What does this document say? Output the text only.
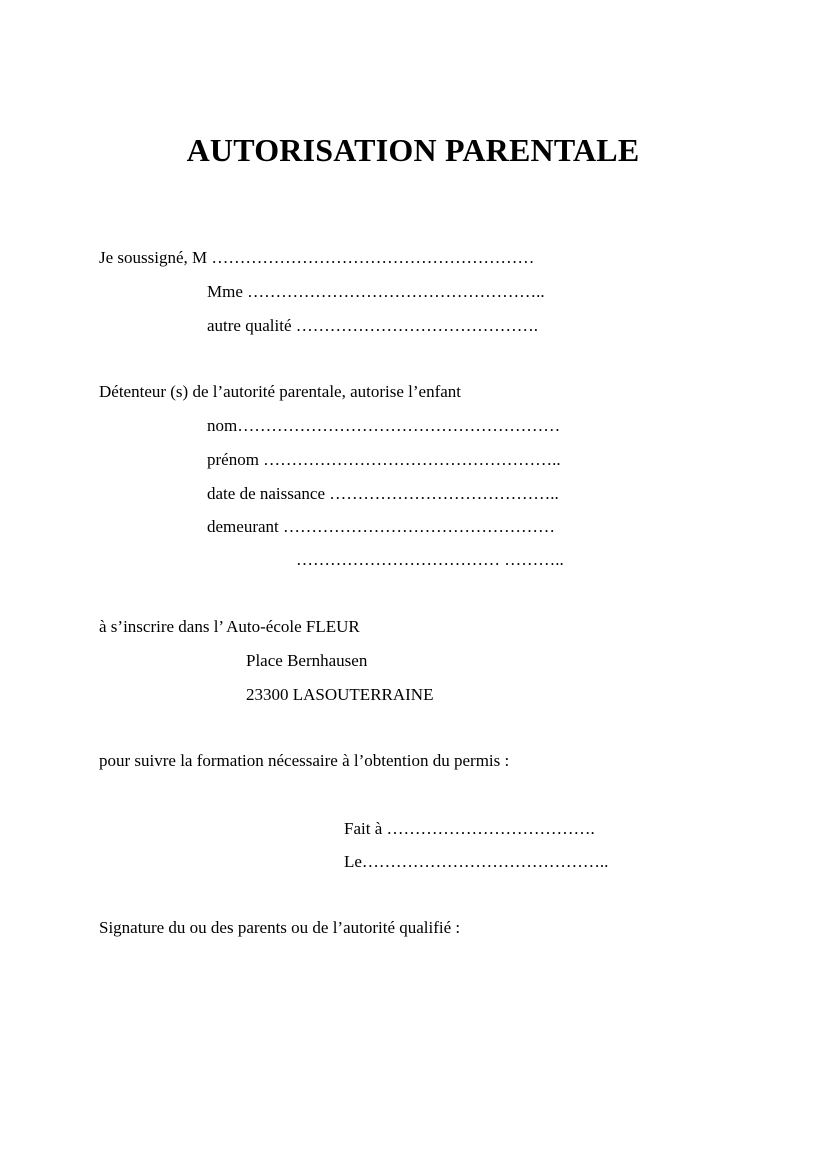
AUTORISATION PARENTALE
Je soussigné, M …………………………………………………
Mme ……………………………………………..
autre qualité …………………………………….
Détenteur (s) de l’autorité parentale, autorise l’enfant
nom…………………………………………………
prénom ……………………………………………..
date de naissance …………………………………..
demeurant …………………………………………
……………………………… ………..
à s’inscrire dans l’ Auto-école FLEUR
Place Bernhausen
23300 LASOUTERRAINE
pour suivre la formation nécessaire à l’obtention du permis :
Fait à ……………………………….
Le……………………………………..
Signature du ou des parents ou de l’autorité qualifié :
